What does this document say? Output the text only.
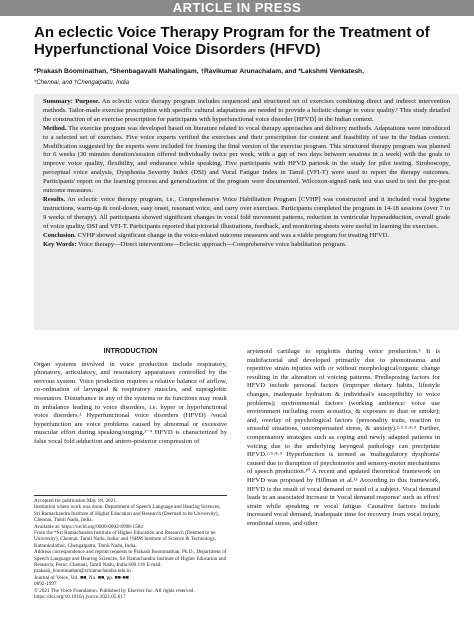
ARTICLE IN PRESS
An eclectic Voice Therapy Program for the Treatment of Hyperfunctional Voice Disorders (HFVD)
*Prakash Boominathan, *Shenbagavalli Mahalingam, †Ravikumar Arunachalam, and *Lakshmi Venkatesh,
*Chennai, and †Chengalpattu, India

Summary: Purpose. An eclectic voice therapy program includes sequenced and structured set of exercises combining direct and indirect intervention methods. Tailor-made exercise prescription with specific cultural adaptations are needed to provide a holistic change to voice quality.¹ This study detailed the construction of an exercise prescription for participants with hyperfunctional voice disorder [HFVD] in the Indian context.

Method. The exercise program was developed based on literature related to vocal therapy approaches and delivery methods. Adaptations were introduced to a selected set of exercises. Five voice experts verified the exercises and their prescription for content and feasibility of use in the Indian context. Modification suggested by the experts were included for framing the final version of the exercise program. This structured therapy program was planned for 6 weeks (30 minutes duration/session offered individually twice per week, with a gap of two days between sessions in a week) with the goals to improve voice quality, flexibility, and endurance while speaking. Five participants with HFVD partook in the study for pilot testing. Stroboscopy, perceptual voice analysis, Dysphonia Severity Index (DSI) and Vocal Fatigue Index in Tamil (VFI-T) were used to report the therapy outcomes. Participants' report on the learning process and generalization of the program were documented. Wilcoxon-signed rank test was used to test the pre-post outcome measures.

Results. An eclectic voice therapy program, i.e., Comprehensive Voice Habilitation Program [CVHP] was constructed and it included vocal hygiene instructions, warm-up & cool-down, easy onset, resonant voice, and carry over exercises. Participants completed the program in 14-18 sessions (over 7 to 9 weeks of therapy). All participants showed significant changes in vocal fold movement patterns, reduction in ventricular hyperadduction, overall grade of voice quality, DSI and VFI-T. Participants reported that pictorial illustrations, feedback, and monitoring sheets were useful in learning the exercises.

Conclusion. CVHP showed significant change in the voice-related outcome measures and was a viable program for treating HFVD.

Key Words: Voice therapy—Direct interventions—Eclectic approach—Comprehensive voice habilitation program.

INTRODUCTION

Organ systems involved in voice production include respiratory, phonatory, articulatory, and resonatory apparatuses controlled by the nervous system. Voice production requires a relative balance of airflow, co-ordination of laryngeal & respiratory muscles, and supraglottic resonators. Disturbance in any of the systems or its functions may result in imbalance leading to voice disorders, i.e. hyper or hypofunctional voice disorders.² Hyperfunctional voice disorders (HFVD) /vocal hyperfunction are voice problems caused by abnormal or excessive muscular effort during speaking/singing.³⁻⁴ HFVD is characterized by false vocal fold adduction and antero-posterior compression of

Accepted for publication May 18, 2021.

Institution where work was done: Department of Speech Language and Hearing Sciences, Sri Ramachandra Institute of Higher Education and Research (Deemed to be University), Chennai, Tamil Nadu, India.

Available at: https://orcid.org/0000-0002-8998-1584

From the *Sri Ramachandra Institute of Higher Education and Research (Deemed to be University), Chennai, Tamil Nadu, India; and †SRM Institute of Science & Technology, Kattankulathur, Chengalpattu, Tamil Nadu, India.

Address correspondence and reprint requests to Prakash Boominathan, Ph.D., Department of Speech Language and Hearing Sciences, Sri Ramachandra Institute of Higher Education and Research, Porur, Chennai, Tamil Nadu, India 600 116 E-mail: prakash_boominathan@sriramachandra.edu.in

Journal of Voice, Vol. ■■, No. ■■, pp. ■■-■■

0892-1997

© 2021 The Voice Foundation. Published by Elsevier Inc. All rights reserved.

https://doi.org/10.1016/j.jvoice.2021.05.017

arytenoid cartilage to epiglottis during voice production.⁵ It is multifactorial and developed primarily due to phonotrauma and repetitive strain injuries with or without morphological/organic change resulting in the alteration of voicing patterns. Predisposing factors for HFVD include personal factors (improper dietary habits, lifestyle changes, inadequate hydration & individual's susceptibility to voice problems); environmental factors (working ambience/ voice use environment including room acoustics, & exposure to dust or smoke); and, overlay of psychological factors (personality traits, reaction to stressful situations, uncompensated stress, & anxiety).²·³·⁵·⁸·⁹ Further, compensatory strategies such as coping and newly adapted patterns in voicing due to the underlying laryngeal pathology can precipitate HFVD.²·⁵·⁸·⁹ Hyperfunction is termed as 'maltegulatory dysphonia' caused due to disruption of psychomotor and sensory-motor mechanisms of speech production.¹⁰ A recent and updated theoretical framework on HFVD was proposed by Hillman et al.¹¹ According to this framework, HFVD is the result of vocal demand or need of a subject. Vocal demand leads to an associated increase in 'vocal demand response' such as effort/ strain while speaking or vocal fatigue. Causative factors include increased vocal demand, inadequate time for recovery from vocal injury, emotional stress, and other
